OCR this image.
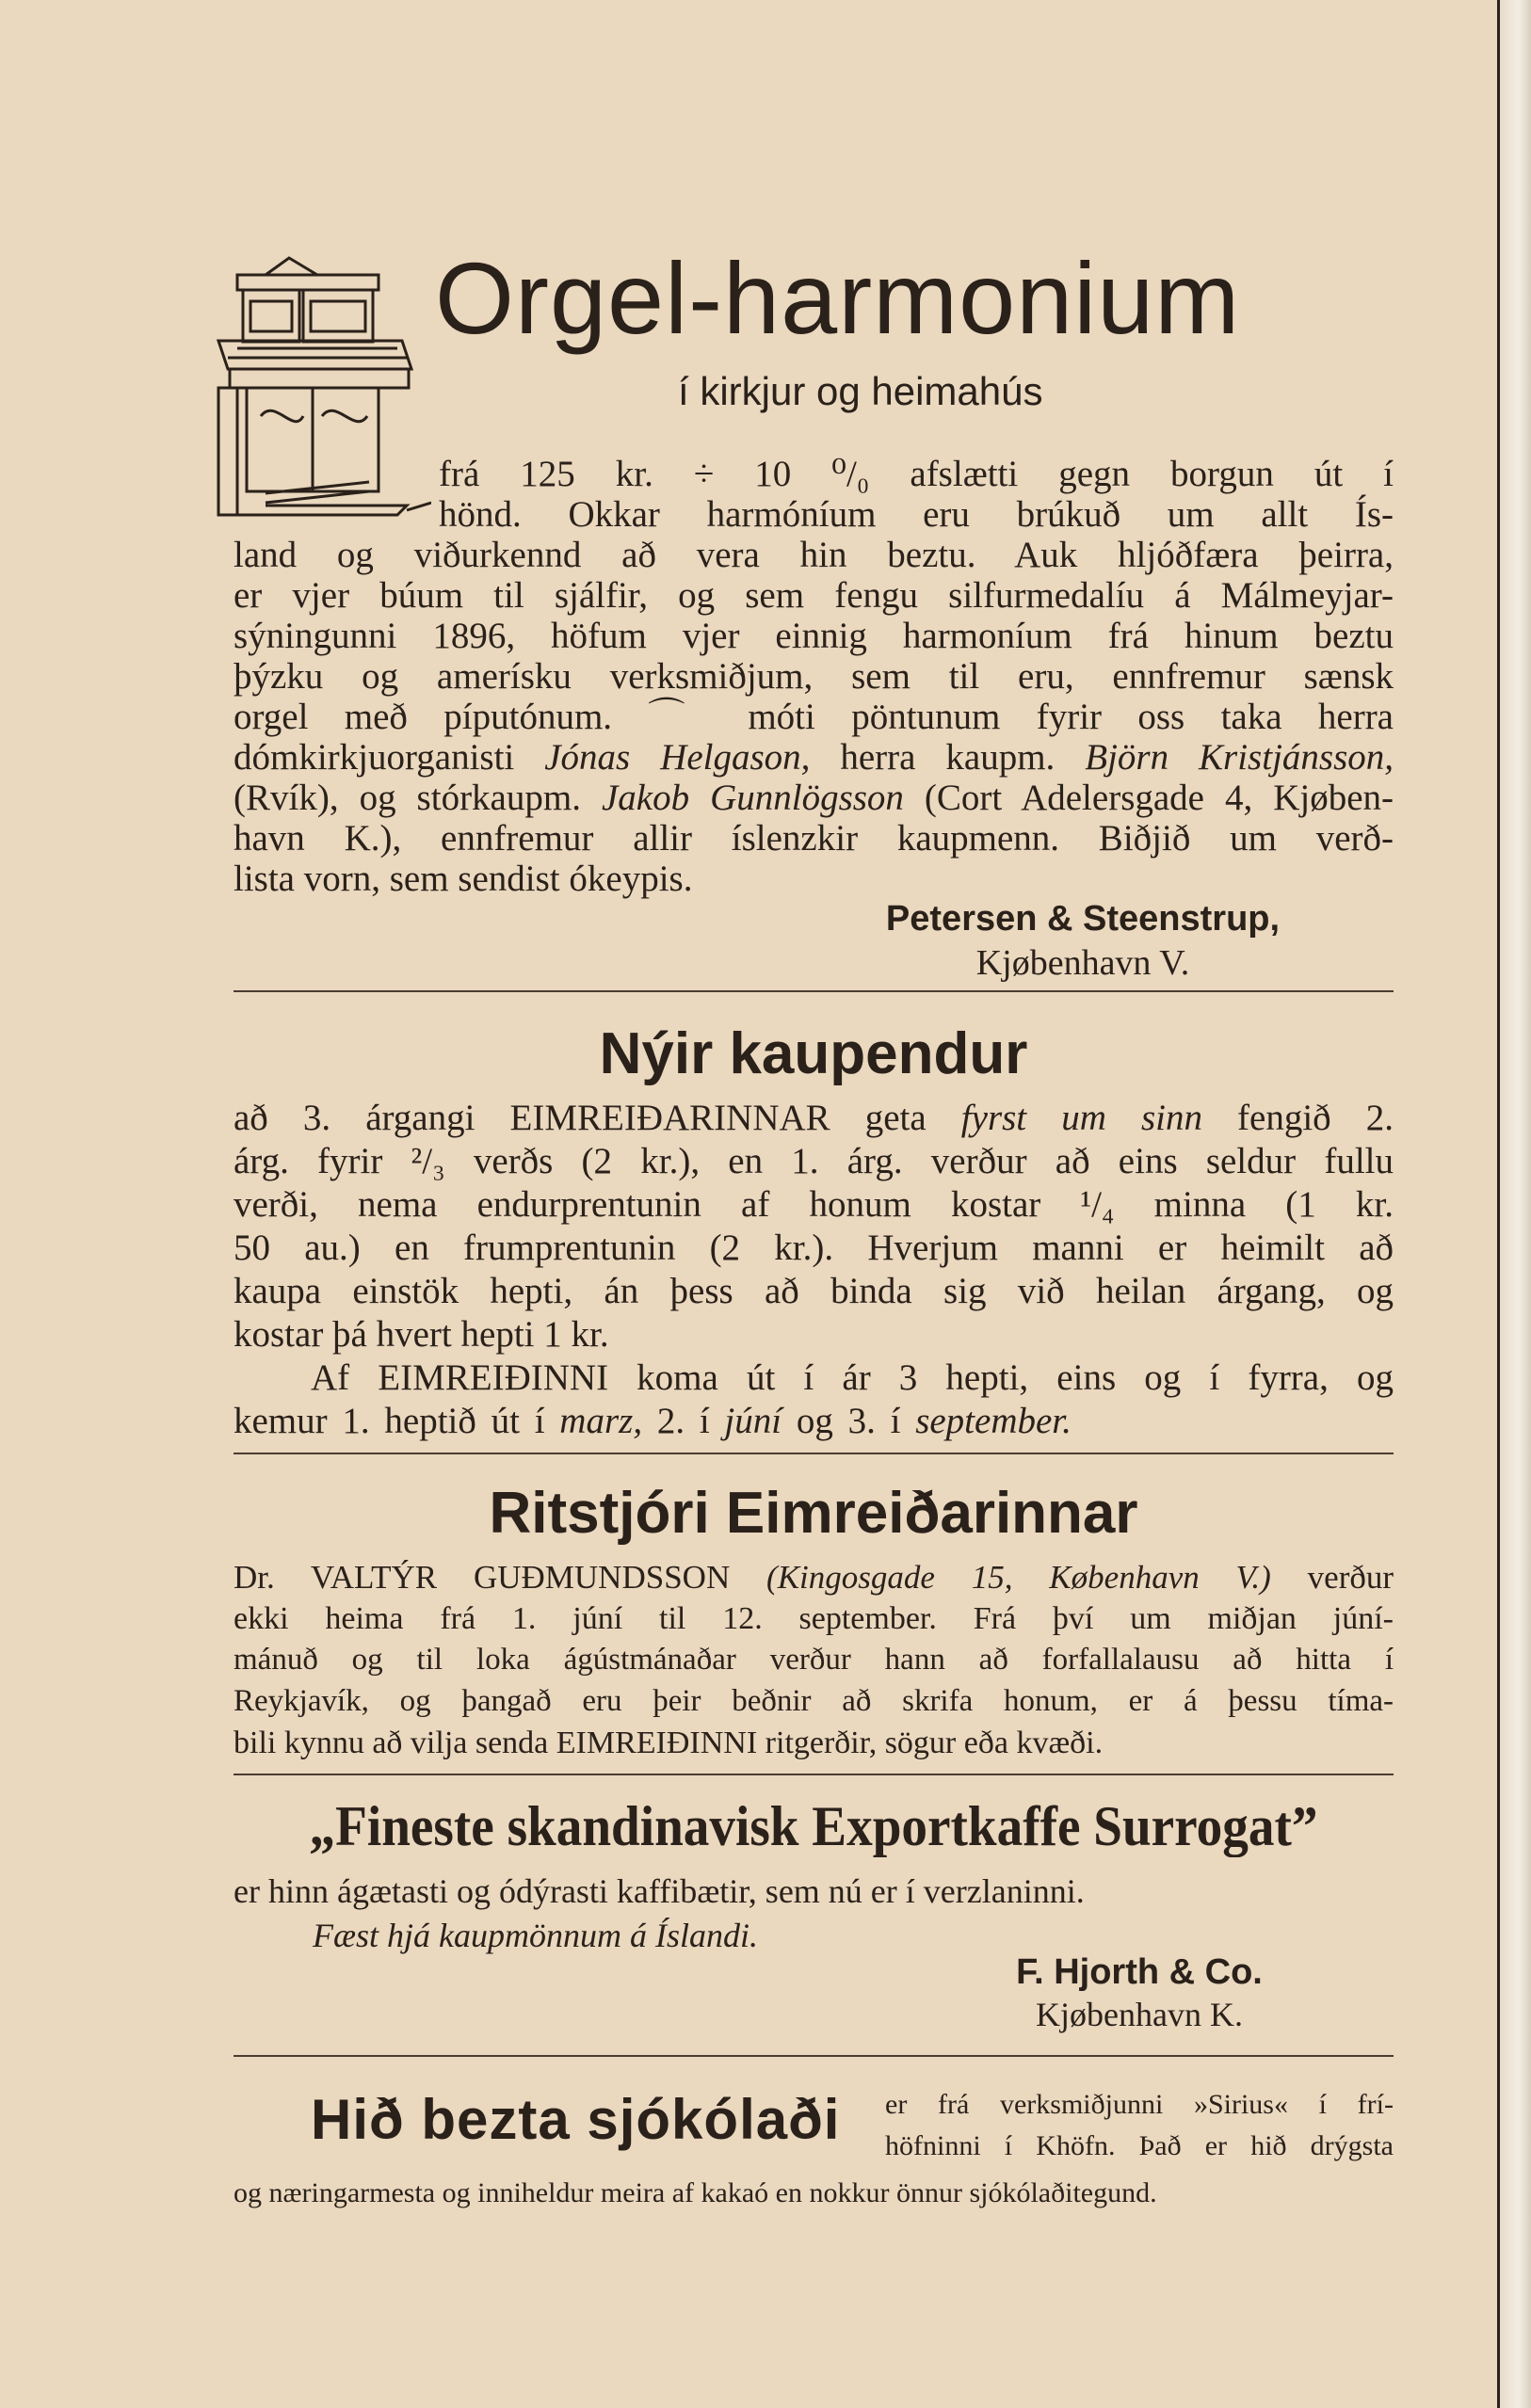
Orgel-harmonium
í kirkjur og heimahús
frá 125 kr. ÷ 10 ⁰/₀ afslætti gegn borgun út í
hönd. Okkar harmóníum eru brúkuð um allt Ís-
land og viðurkennd að vera hin beztu. Auk hljóðfæra þeirra,
er vjer búum til sjálfir, og sem fengu silfurmedalíu á Málmeyjar-
sýningunni 1896, höfum vjer einnig harmoníum frá hinum beztu
þýzku og amerísku verksmiðjum, sem til eru, ennfremur sænsk
orgel með píputónum. ⌒ móti pöntunum fyrir oss taka herra
dómkirkjuorganisti Jónas Helgason, herra kaupm. Björn Kristjánsson,
(Rvík), og stórkaupm. Jakob Gunnlögsson (Cort Adelersgade 4, Kjøben-
havn K.), ennfremur allir íslenzkir kaupmenn. Biðjið um verð-
lista vorn, sem sendist ókeypis.
Petersen & Steenstrup,
Kjøbenhavn V.
Nýir kaupendur
að 3. árgangi EIMREIÐARINNAR geta fyrst um sinn fengið 2.
árg. fyrir ²/₃ verðs (2 kr.), en 1. árg. verður að eins seldur fullu
verði, nema endurprentunin af honum kostar ¹/₄ minna (1 kr.
50 au.) en frumprentunin (2 kr.). Hverjum manni er heimilt að
kaupa einstök hepti, án þess að binda sig við heilan árgang, og
kostar þá hvert hepti 1 kr.
Af EIMREIÐINNI koma út í ár 3 hepti, eins og í fyrra, og
kemur 1. heptið út í marz, 2. í júní og 3. í september.
Ritstjóri Eimreiðarinnar
Dr. VALTÝR GUÐMUNDSSON (Kingosgade 15, København V.) verður
ekki heima frá 1. júní til 12. september. Frá því um miðjan júní-
mánuð og til loka ágústmánaðar verður hann að forfallalausu að hitta í
Reykjavík, og þangað eru þeir beðnir að skrifa honum, er á þessu tíma-
bili kynnu að vilja senda EIMREIÐINNI ritgerðir, sögur eða kvæði.
„Fineste skandinavisk Exportkaffe Surrogat”
er hinn ágætasti og ódýrasti kaffibætir, sem nú er í verzlaninni.
Fæst hjá kaupmönnum á Íslandi.
F. Hjorth & Co.
Kjøbenhavn K.
Hið bezta sjókólaði er frá verksmiðjunni »Sirius« í frí-
höfninni í Khöfn. Það er hið drýgsta
og næringarmesta og inniheldur meira af kakaó en nokkur önnur sjókólaðitegund.
